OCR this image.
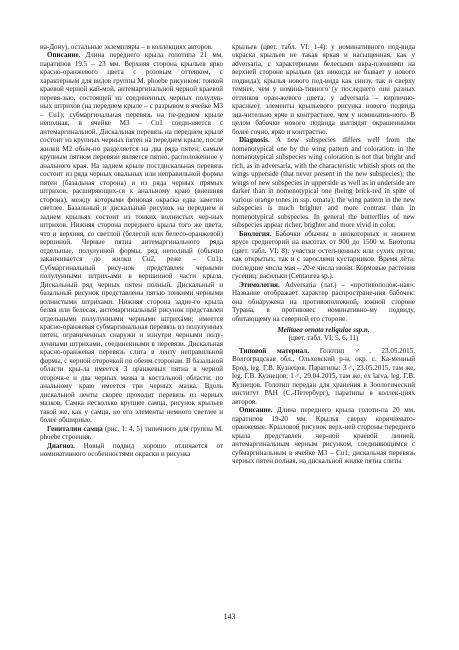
на-Дону), остальные экземпляры – в коллекциях авторов.

Описание. Длина переднего крыла голотипа 21 мм, паратипов 19.5 – 23 мм. Верхняя сторона крыльев ярко красно-оранжевого цвета с розовым оттенком, с характерным для видов группы M. phoebe рисунком: тонкой краевой черной кай-мой, антемаргинальной черной краевой перевя-зью, состоящей из соединенных черных полулун-ных штрихов (на переднем крыле – с разрывом в ячейке M3 – Cu1); субмаргинальная перевязь на пе-реднем крыле неполная, в ячейке M3 – Cu1 соеди-няется с антемаргинальной. Дискальная перевязь на переднем крыле состоит из крупных черных пятен на переднем крыле, после жилки M2 обыч-но разделяется на два ряда пятен; самым крупным пятном перевязи является пятно, расположенное у анального края. На заднем крыле постдискальная перевязь состоит из ряда черных овальных или неправильной формы пятен (базальная сторона) и из ряда черных прямых штрихов, расширяющих-ся к анальному краю (внешняя сторона), между которыми фоновая окраска едва заметно светлее. Базальный и дискальный рисунок на переднем и заднем крыльях состоит из тонких волнистых чер-ных штрихов. Нижняя сторона переднего крыла того же цвета, что и верхняя, со светлой (белесой или белесо-оранжевой) вершиной. Черные пятна антемаргинального ряда отдельные, полулунной формы, ряд неполный (обычно заканчивается до жилки Cu2, реже – Cu1). Субмаргинальный рису-нок представлен черными полулунными штрих-ами в вершинной части крыла. Дискальный ряд черных пятен полный. Дискальный и базальный рисунок представлены пятью тонкими черными волнистыми штрихами. Нижняя сторона задне-го крыла белая или белесая, антемаргинальный рисунок представлен отдельными полулунными черными штрихами; имеется красно-оранжевая субмаргинальная перевязь из полулунных пятен, ограниченных снаружи и изнутри черными полу-лунными штрихами, соединенными в перевязи. Дискальная красно-оранжевая перевязь слита в ленту неправильной формы, с черной оторочкой по обеим сторонам. В базальной области кры-ла имеется 3 оранжевых пятна в черной оторочк-е и два черных мазка в костальной области; по анальному краю имеется три черных мазка. Вдоль дискальной ленты скорее проходит перевязь из черных мазков. Самка несколько крупнее самца, рисунок крыльев такой же, как у самца, но его элементы немного светлее и более обширные.

Гениталии самца (рис. 1: 4, 5) типичного для группы M. phoebe строения.

Диагноз. Новый подвид хорошо отличается от номинативного особенностями окраски и рисунка

крыльев (цвет. табл. VI: 1-4): у номинативного под-вида окраска крыльев не такая яркая и насыщенная, как у adversaria, с характерными белесыми вкра-плениями на верхней стороне крыльев (их никогда не бывает у нового подвида); крылья нового под-вида как снизу, так и сверху темнее, чем у номина-тивного (у последнего они разных оттенков оран-жевого цвета, у adversaria – кирпично-красные); элементы крыльевого рисунка нового подвида зна-чительно ярче и контрастнее, чем у номинатив-ного. В целом бабочки нового подвида выглядят окрашенными более сочно, ярко и контрастно.

Diagnosis. A new subspecies differs well from the nomenotypical one by the wing pattern and coloration: in the nomenotypical subspecies wing coloration is not that bright and rich, as in adversaria, with the characteristic whitish spots on the wings upperside (that never present in the new subspecies); the wings of new subspecies in upperside as well as in underside are darker than in nomenotypical one (being brick-red in spite of various orange tones in ssp. ornata); the wing pattern in the new subspecies is much brighter and more contrast than in nomenotypical subspecies. In general the butterflies of new subspecies appear richer, brighter and more vivid in color.

Биология. Бабочки обычны в низкогорных и нижнем ярусе среднегорий на высотах от 900 до 1500 м. Биотопы (цвет. табл. VI: 8): участки остеп-ненных или сухих лугов, как открытых, так и с зарослями кустарников. Время лёта: последние числа мая – 20-е числа июня. Кормовые растения гусениц: васильки (Centaurea sp.).

Этимология. Adversaria (лат.) – «противополож-ная». Название отображает характер распростране-ния бабочек: она обнаружена на противоположной, южной стороне Турана, в противовес номинативно-му подвиду, обитающему на северной его стороне.

Melitaea ornata reliquiae ssp.n.

(цвет. табл. VI: 5, 6, 11)

Типовой материал. Голотип ♂, 23.05.2015, Волгоградская обл., Ольховский р-н, окр. с. Ка-менный Брод, leg. Г.В. Кузнецов. Паратипы: 3♂, 23.05.2015, там же, leg. Г.В. Кузнецов; 1♂, 29.04.2015, там же, ex larva, leg. Г.В. Кузнецов. Голотип передан для хранения в Зоологический институт РАН (С.-Петербург), паратипы в коллек-циях авторов.

Описание. Длина переднего крыла голоти-па 20 мм, паратипов 19-20 мм. Крылья сверху коричневато-оранжевые. Крыловой рисунок верх-ней стороны переднего крыла представлен чер-ной краевой линией, антемаргинальным черным рисунком, соединяющимся с субмаргинальным в ячейке M3 – Cu1; дискальная перевязь черных пятен полная, на дискальной жилке пятна слиты

143
